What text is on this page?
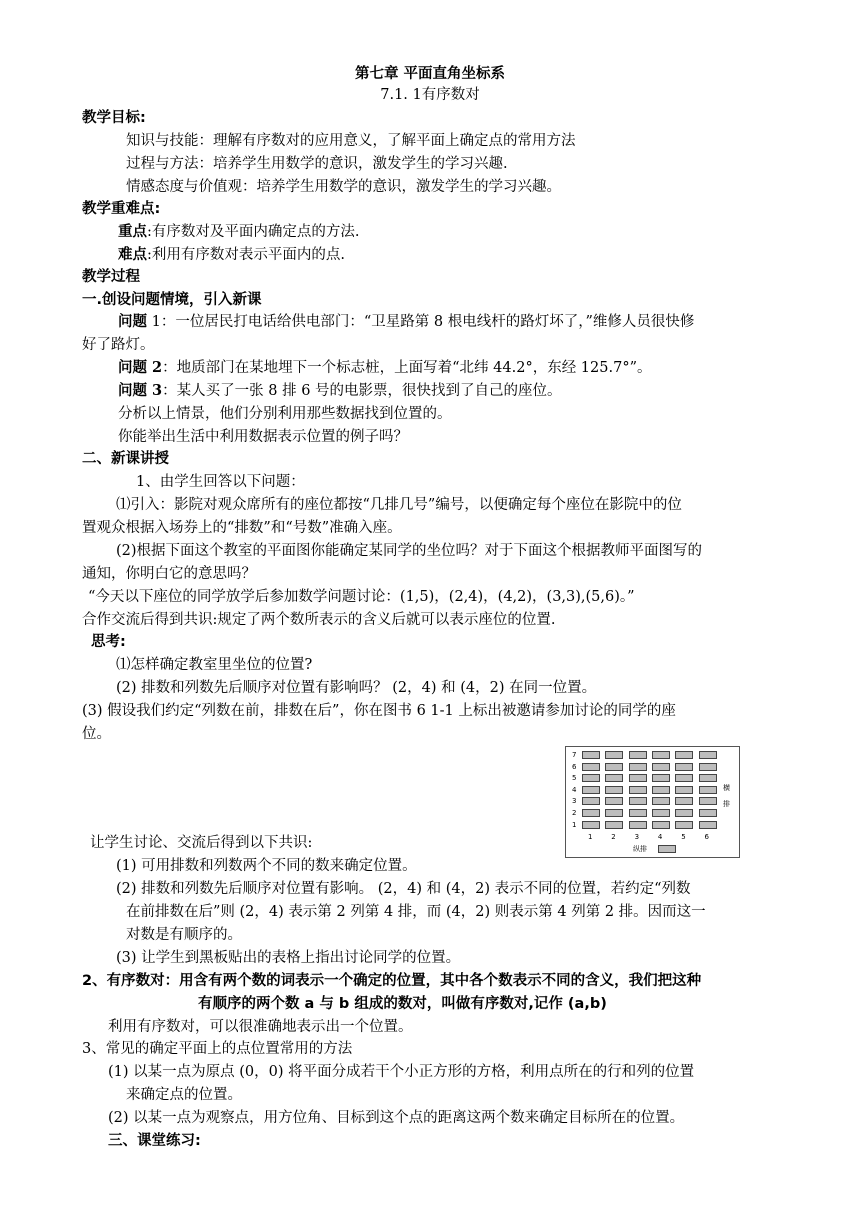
第七章 平面直角坐标系
7.1. 1有序数对
教学目标:
知识与技能：理解有序数对的应用意义，了解平面上确定点的常用方法
过程与方法：培养学生用数学的意识，激发学生的学习兴趣.
情感态度与价值观：培养学生用数学的意识，激发学生的学习兴趣。
教学重难点:
重点:有序数对及平面内确定点的方法.
难点:利用有序数对表示平面内的点.
教学过程
一.创设问题情境，引入新课
问题 1：一位居民打电话给供电部门：“卫星路第 8 根电线杆的路灯坏了，”维修人员很快修
好了路灯。
问题 2：地质部门在某地埋下一个标志桩，上面写着“北纬 44.2°，东经 125.7°”。
问题 3：某人买了一张 8 排 6 号的电影票，很快找到了自己的座位。
分析以上情景，他们分别利用那些数据找到位置的。
你能举出生活中利用数据表示位置的例子吗？
二、新课讲授
1、由学生回答以下问题：
⑴引入：影院对观众席所有的座位都按“几排几号”编号，以便确定每个座位在影院中的位
置观众根据入场券上的“排数”和“号数”准确入座。
(2)根据下面这个教室的平面图你能确定某同学的坐位吗？对于下面这个根据教师平面图写的
通知，你明白它的意思吗？
“今天以下座位的同学放学后参加数学问题讨论：(1,5)，(2,4)，(4,2)，(3,3),(5,6)。”
合作交流后得到共识:规定了两个数所表示的含义后就可以表示座位的位置.
思考:
⑴怎样确定教室里坐位的位置?
(2) 排数和列数先后顺序对位置有影响吗？ (2，4) 和 (4，2) 在同一位置。
(3) 假设我们约定“列数在前，排数在后”，你在图书 6 1-1 上标出被邀请参加讨论的同学的座
位。
7
6
5
4
3
2
1
1	2	3	4	5	6
横
排
纵排
让学生讨论、交流后得到以下共识:
(1) 可用排数和列数两个不同的数来确定位置。
(2) 排数和列数先后顺序对位置有影响。 (2，4) 和 (4，2) 表示不同的位置，若约定“列数
在前排数在后”则 (2，4) 表示第 2 列第 4 排，而 (4，2) 则表示第 4 列第 2 排。因而这一
对数是有顺序的。
(3) 让学生到黑板贴出的表格上指出讨论同学的位置。
2、有序数对：用含有两个数的词表示一个确定的位置，其中各个数表示不同的含义，我们把这种
有顺序的两个数 a 与 b 组成的数对，叫做有序数对,记作 (a,b)
利用有序数对，可以很准确地表示出一个位置。
3、常见的确定平面上的点位置常用的方法
(1) 以某一点为原点 (0，0) 将平面分成若干个小正方形的方格，利用点所在的行和列的位置
来确定点的位置。
(2) 以某一点为观察点，用方位角、目标到这个点的距离这两个数来确定目标所在的位置。
三、课堂练习:
